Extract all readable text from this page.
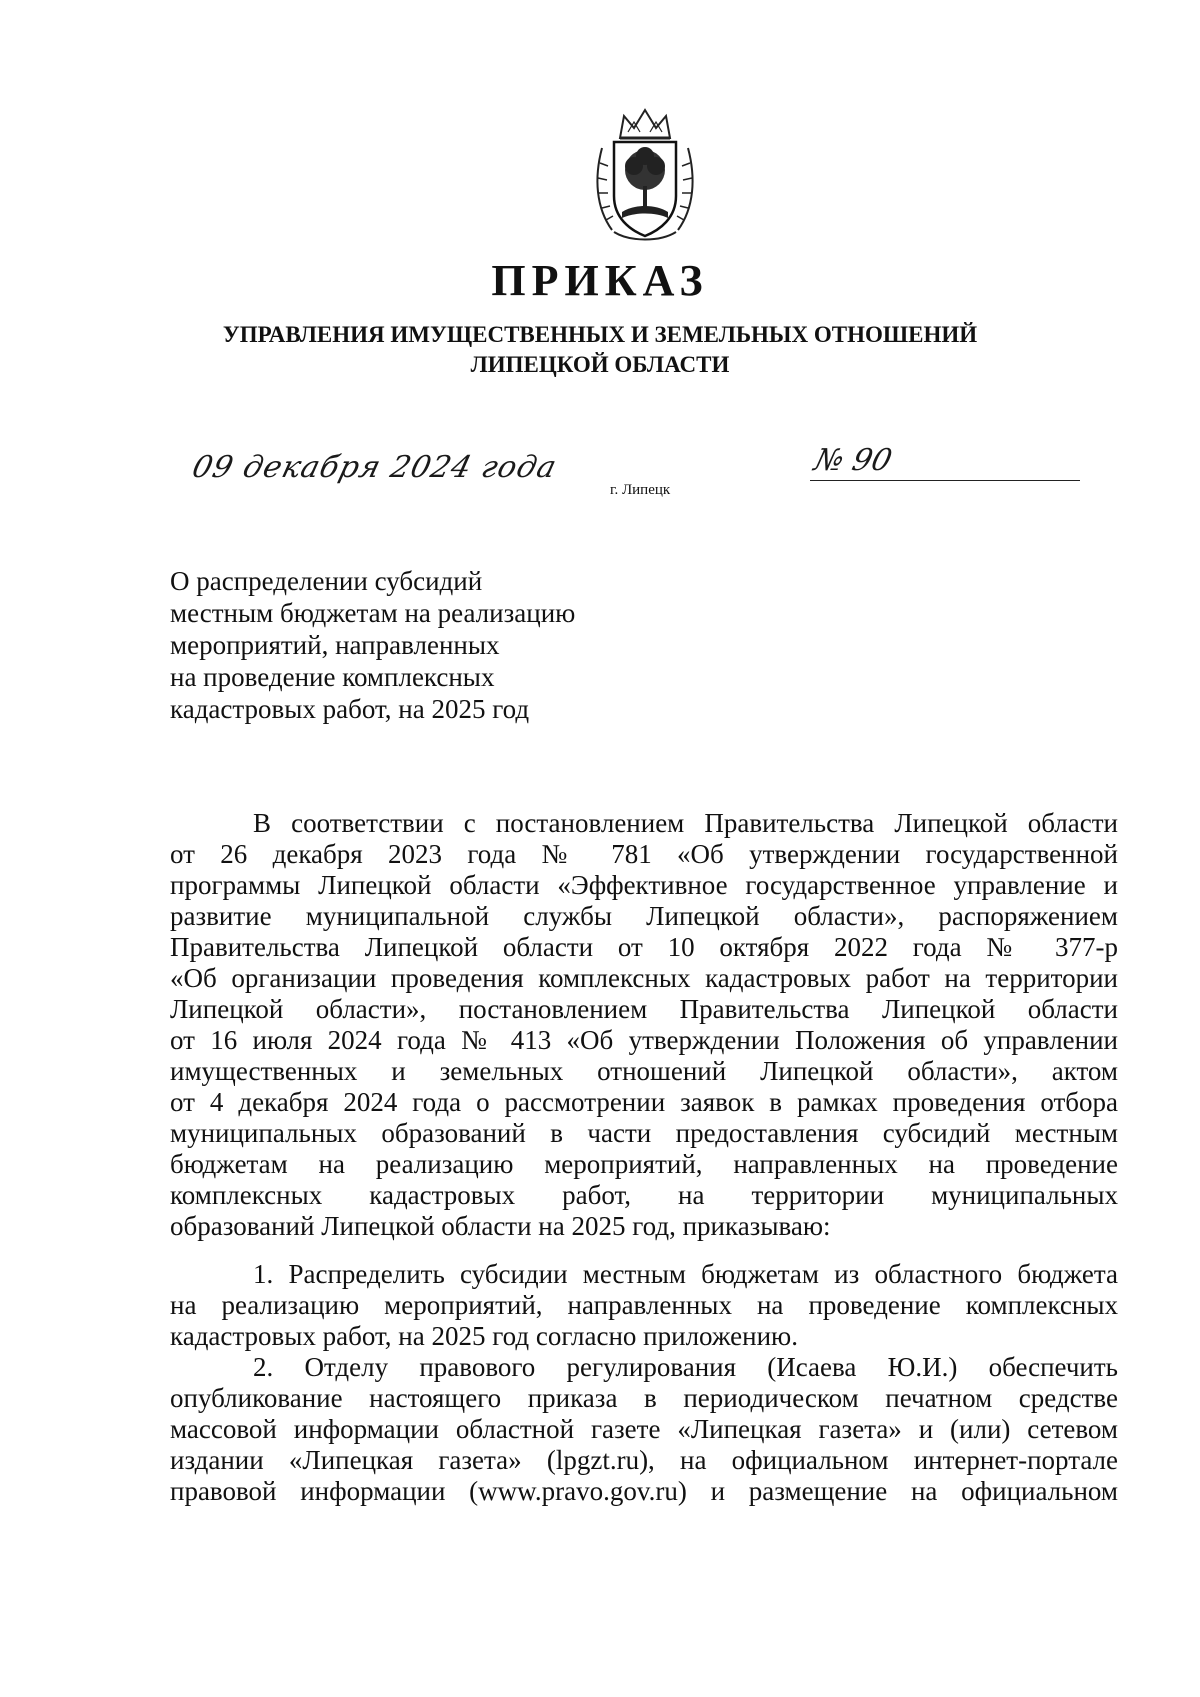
ПРИКАЗ
УПРАВЛЕНИЯ ИМУЩЕСТВЕННЫХ И ЗЕМЕЛЬНЫХ ОТНОШЕНИЙ
ЛИПЕЦКОЙ ОБЛАСТИ
09 декабря 2024 года
г. Липецк
№ 90
О распределении субсидий
местным бюджетам на реализацию
мероприятий, направленных
на проведение комплексных
кадастровых работ, на 2025 год
В соответствии с постановлением Правительства Липецкой области
от 26 декабря 2023 года № 781 «Об утверждении государственной
программы Липецкой области «Эффективное государственное управление и
развитие муниципальной службы Липецкой области», распоряжением
Правительства Липецкой области от 10 октября 2022 года № 377-р
«Об организации проведения комплексных кадастровых работ на территории
Липецкой области», постановлением Правительства Липецкой области
от 16 июля 2024 года № 413 «Об утверждении Положения об управлении
имущественных и земельных отношений Липецкой области», актом
от 4 декабря 2024 года о рассмотрении заявок в рамках проведения отбора
муниципальных образований в части предоставления субсидий местным
бюджетам на реализацию мероприятий, направленных на проведение
комплексных кадастровых работ, на территории муниципальных
образований Липецкой области на 2025 год, приказываю:
1. Распределить субсидии местным бюджетам из областного бюджета
на реализацию мероприятий, направленных на проведение комплексных
кадастровых работ, на 2025 год согласно приложению.
2. Отделу правового регулирования (Исаева Ю.И.) обеспечить
опубликование настоящего приказа в периодическом печатном средстве
массовой информации областной газете «Липецкая газета» и (или) сетевом
издании «Липецкая газета» (lpgzt.ru), на официальном интернет-портале
правовой информации (www.pravo.gov.ru) и размещение на официальном
